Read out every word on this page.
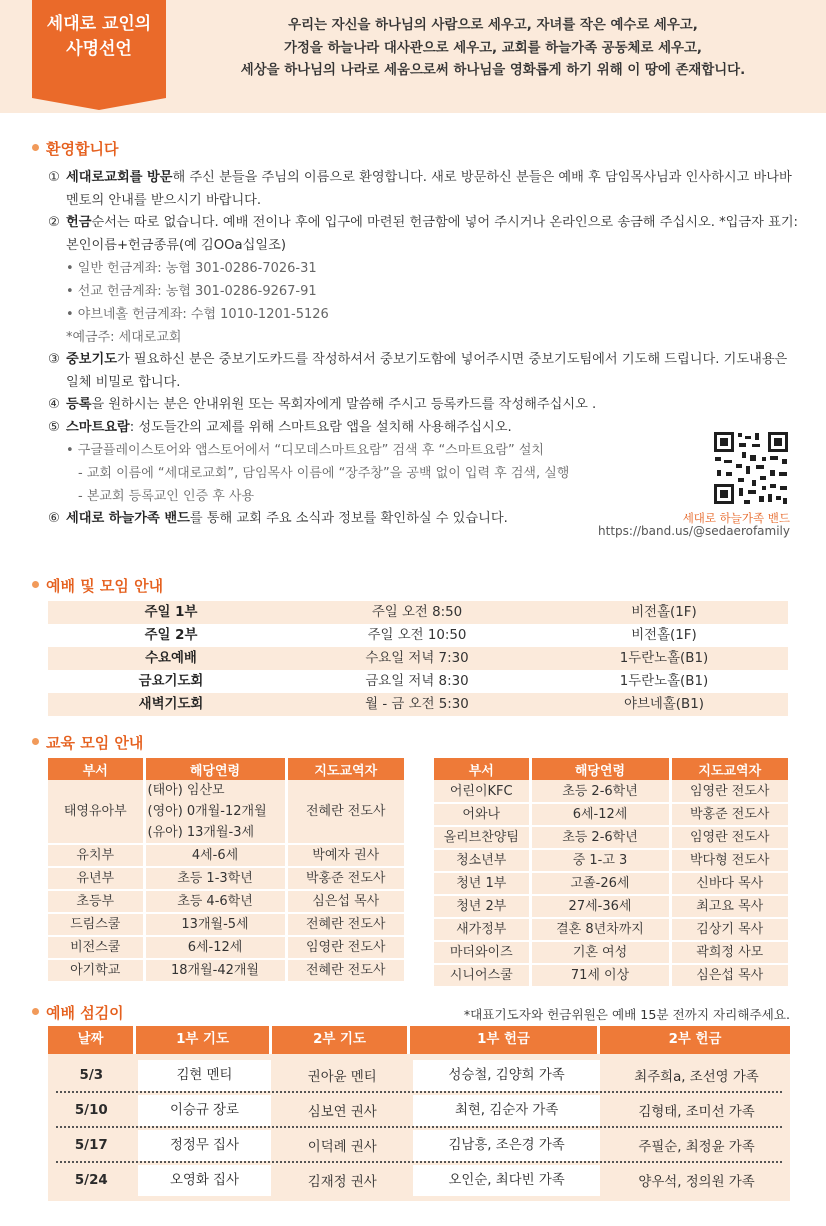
세대로 교인의
사명선언
우리는 자신을 하나님의 사람으로 세우고, 자녀를 작은 예수로 세우고,
가정을 하늘나라 대사관으로 세우고, 교회를 하늘가족 공동체로 세우고,
세상을 하나님의 나라로 세움으로써 하나님을 영화롭게 하기 위해 이 땅에 존재합니다.
환영합니다
① 세대로교회를 방문해 주신 분들을 주님의 이름으로 환영합니다. 새로 방문하신 분들은 예배 후 담임목사님과 인사하시고 바나바멘토의 안내를 받으시기 바랍니다.
② 헌금순서는 따로 없습니다. 예배 전이나 후에 입구에 마련된 헌금함에 넣어 주시거나 온라인으로 송금해 주십시오. *입금자 표기: 본인이름+헌금종류(예 김OOa십일조)
• 일반 헌금계좌: 농협 301-0286-7026-31
• 선교 헌금계좌: 농협 301-0286-9267-91
• 야브네홀 헌금계좌: 수협 1010-1201-5126
*예금주: 세대로교회
③ 중보기도가 필요하신 분은 중보기도카드를 작성하셔서 중보기도함에 넣어주시면 중보기도팀에서 기도해 드립니다. 기도내용은 일체 비밀로 합니다.
④ 등록을 원하시는 분은 안내위원 또는 목회자에게 말씀해 주시고 등록카드를 작성해주십시오 .
⑤ 스마트요람: 성도들간의 교제를 위해 스마트요람 앱을 설치해 사용해주십시오.
• 구글플레이스토어와 앱스토어에서 “디모데스마트요람” 검색 후 “스마트요람” 설치
- 교회 이름에 “세대로교회”, 담임목사 이름에 “장주창”을 공백 없이 입력 후 검색, 실행
- 본교회 등록교인 인증 후 사용
⑥ 세대로 하늘가족 밴드를 통해 교회 주요 소식과 정보를 확인하실 수 있습니다.	세대로 하늘가족 밴드
https://band.us/@sedaerofamily
예배 및 모임 안내
주일 1부	주일 오전 8:50	비전홀(1F)
주일 2부	주일 오전 10:50	비전홀(1F)
수요예배	수요일 저녁 7:30	1두란노홀(B1)
금요기도회	금요일 저녁 8:30	1두란노홀(B1)
새벽기도회	월 - 금 오전 5:30	야브네홀(B1)
교육 모임 안내
부서	해당연령	지도교역자
태영유아부	(태아) 임산모
(영아) 0개월-12개월
(유아) 13개월-3세	전혜란 전도사
유치부	4세-6세	박예자 권사
유년부	초등 1-3학년	박홍준 전도사
초등부	초등 4-6학년	심은섭 목사
드림스쿨	13개월-5세	전혜란 전도사
비전스쿨	6세-12세	임영란 전도사
아기학교	18개월-42개월	전혜란 전도사
부서	해당연령	지도교역자
어린이KFC	초등 2-6학년	임영란 전도사
어와나	6세-12세	박홍준 전도사
올리브찬양팀	초등 2-6학년	임영란 전도사
청소년부	중 1-고 3	박다형 전도사
청년 1부	고졸-26세	신바다 목사
청년 2부	27세-36세	최고요 목사
새가정부	결혼 8년차까지	김상기 목사
마더와이즈	기혼 여성	곽희정 사모
시니어스쿨	71세 이상	심은섭 목사
예배 섬김이	*대표기도자와 헌금위원은 예배 15분 전까지 자리해주세요.
날짜	1부 기도	2부 기도	1부 헌금	2부 헌금
5/3	김현 멘티	권아윤 멘티	성승철, 김양희 가족	최주희a, 조선영 가족
5/10	이승규 장로	심보연 권사	최현, 김순자 가족	김형태, 조미선 가족
5/17	정정무 집사	이덕례 권사	김남흥, 조은경 가족	주필순, 최정윤 가족
5/24	오영화 집사	김재정 권사	오인순, 최다빈 가족	양우석, 정의원 가족
